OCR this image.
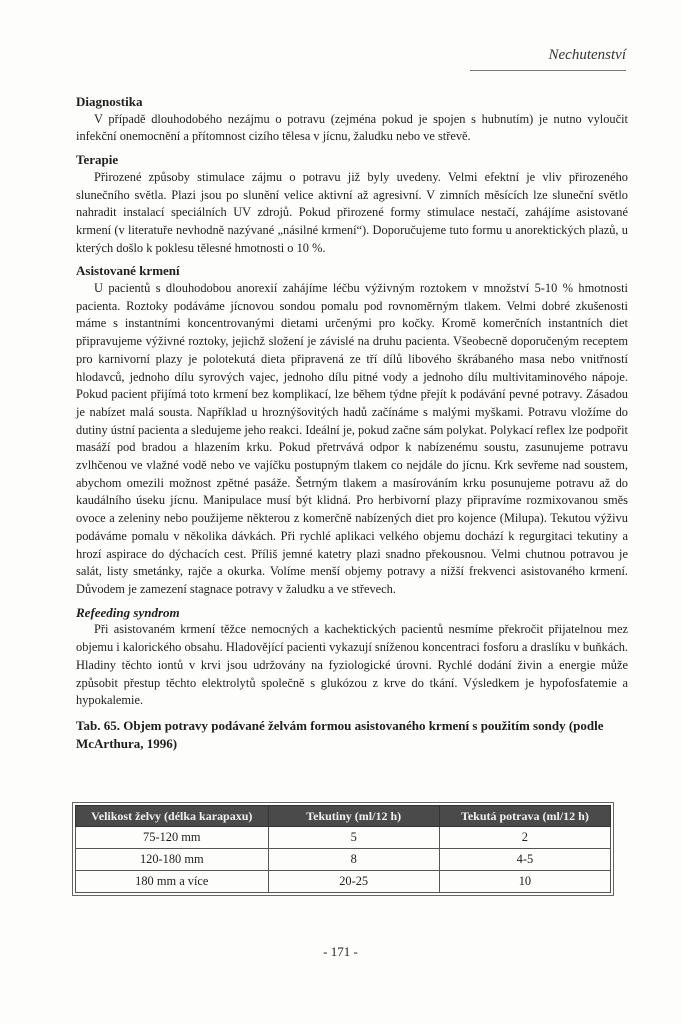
Nechutenství
Diagnostika

V případě dlouhodobého nezájmu o potravu (zejména pokud je spojen s hubnutím) je nutno vyloučit infekční onemocnění a přítomnost cizího tělesa v jícnu, žaludku nebo ve střevě.

Terapie

Přirozené způsoby stimulace zájmu o potravu již byly uvedeny. Velmi efektní je vliv přirozeného slunečního světla. Plazi jsou po slunění velice aktivní až agresivní. V zimních měsících lze sluneční světlo nahradit instalací speciálních UV zdrojů. Pokud přirozené formy stimulace nestačí, zahájíme asistované krmení (v literatuře nevhodně nazývané „násilné krmení“). Doporučujeme tuto formu u anorektických plazů, u kterých došlo k poklesu tělesné hmotnosti o 10 %.

Asistované krmení

U pacientů s dlouhodobou anorexií zahájíme léčbu výživným roztokem v množství 5-10 % hmotnosti pacienta. Roztoky podáváme jícnovou sondou pomalu pod rovnoměrným tlakem. Velmi dobré zkušenosti máme s instantními koncentrovanými dietami určenými pro kočky. Kromě komerčních instantních diet připravujeme výživné roztoky, jejichž složení je závislé na druhu pacienta. Všeobecně doporučeným receptem pro karnivorní plazy je polotekutá dieta připravená ze tří dílů libového škrábaného masa nebo vnitřností hlodavců, jednoho dílu syrových vajec, jednoho dílu pitné vody a jednoho dílu multivitaminového nápoje. Pokud pacient přijímá toto krmení bez komplikací, lze během týdne přejít k podávání pevné potravy. Zásadou je nabízet malá sousta. Například u hroznýšovitých hadů začínáme s malými myškami. Potravu vložíme do dutiny ústní pacienta a sledujeme jeho reakci. Ideální je, pokud začne sám polykat. Polykací reflex lze podpořit masáží pod bradou a hlazením krku. Pokud přetrvává odpor k nabízenému soustu, zasunujeme potravu zvlhčenou ve vlažné vodě nebo ve vajíčku postupným tlakem co nejdále do jícnu. Krk sevřeme nad soustem, abychom omezili možnost zpětné pasáže. Šetrným tlakem a masírováním krku posunujeme potravu až do kaudálního úseku jícnu. Manipulace musí být klidná. Pro herbivorní plazy připravíme rozmixovanou směs ovoce a zeleniny nebo použijeme některou z komerčně nabízených diet pro kojence (Milupa). Tekutou výživu podáváme pomalu v několika dávkách. Při rychlé aplikaci velkého objemu dochází k regurgitaci tekutiny a hrozí aspirace do dýchacích cest. Příliš jemné katetry plazi snadno překousnou. Velmi chutnou potravou je salát, listy smetánky, rajče a okurka. Volíme menší objemy potravy a nižší frekvenci asistovaného krmení. Důvodem je zamezení stagnace potravy v žaludku a ve střevech.

Refeeding syndrom

Při asistovaném krmení těžce nemocných a kachektických pacientů nesmíme překročit přijatelnou mez objemu i kalorického obsahu. Hladovějící pacienti vykazují sníženou koncentraci fosforu a draslíku v buňkách. Hladiny těchto iontů v krvi jsou udržovány na fyziologické úrovni. Rychlé dodání živin a energie může způsobit přestup těchto elektrolytů společně s glukózou z krve do tkání. Výsledkem je hypofosfatemie a hypokalemie.

Tab. 65. Objem potravy podávané želvám formou asistovaného krmení s použitím sondy (podle McArthura, 1996)
Velikost želvy (délka karapaxu)	Tekutiny (ml/12 h)	Tekutá potrava (ml/12 h)
75-120 mm	5	2
120-180 mm	8	4-5
180 mm a více	20-25	10
- 171 -
